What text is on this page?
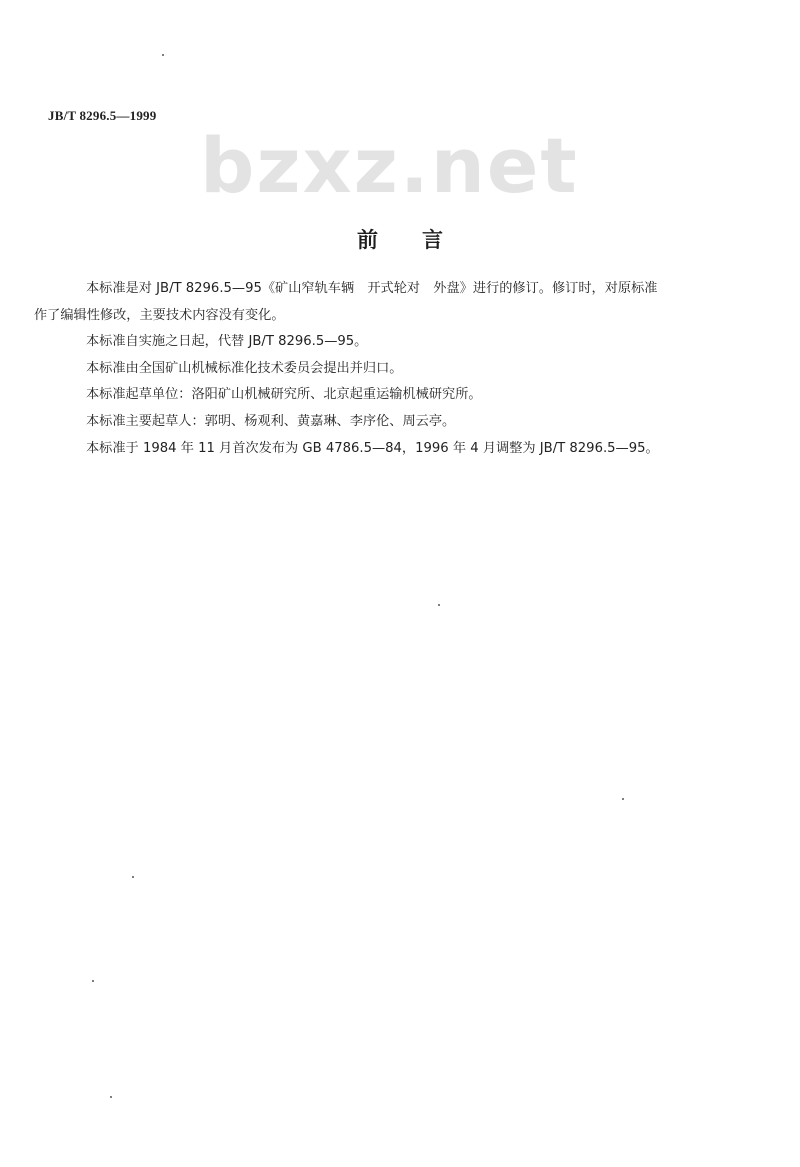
JB/T 8296.5—1999
bzxz.net
前言

本标准是对 JB/T 8296.5—95《矿山窄轨车辆　开式轮对　外盘》进行的修订。修订时，对原标准
作了编辑性修改，主要技术内容没有变化。

本标准自实施之日起，代替 JB/T 8296.5—95。

本标准由全国矿山机械标准化技术委员会提出并归口。

本标准起草单位：洛阳矿山机械研究所、北京起重运输机械研究所。

本标准主要起草人：郭明、杨观利、黄嘉琳、李序伦、周云亭。

本标准于 1984 年 11 月首次发布为 GB 4786.5—84，1996 年 4 月调整为 JB/T 8296.5—95。
